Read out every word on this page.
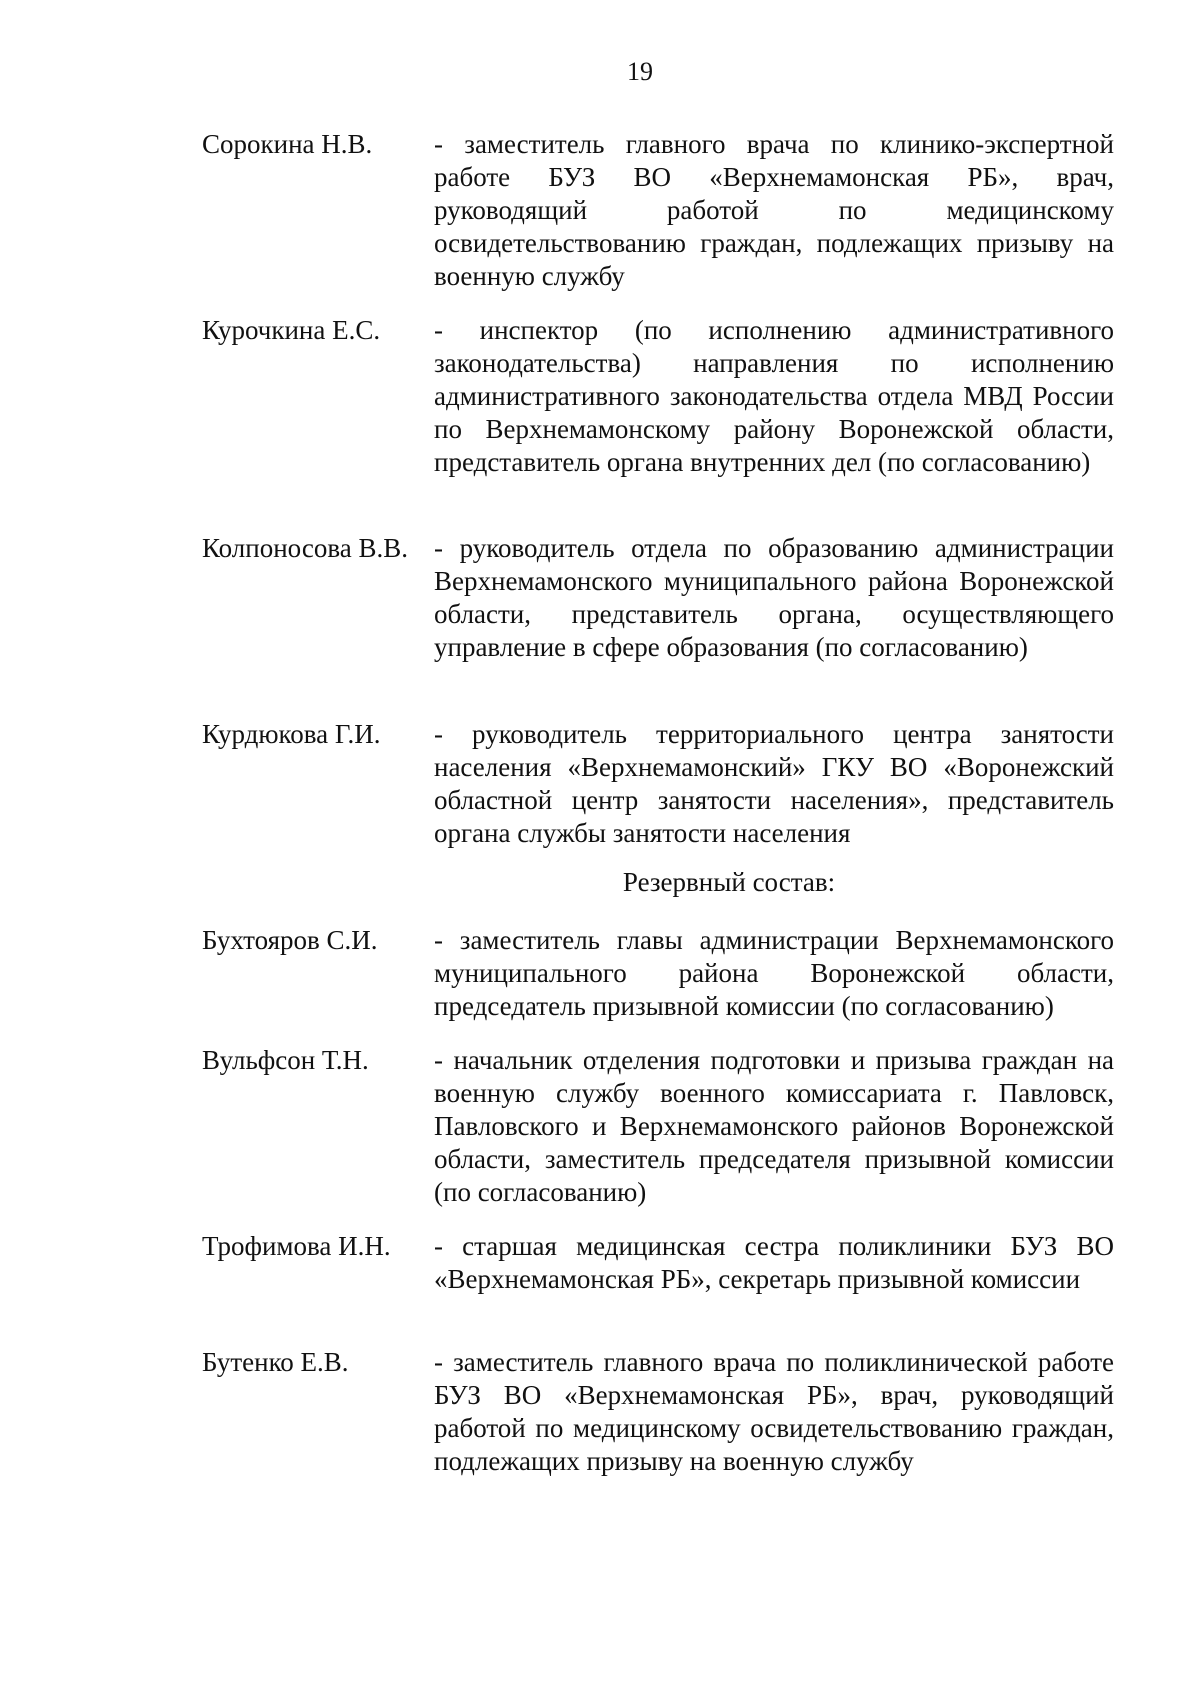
19
Сорокина Н.В. - заместитель главного врача по клинико-экспертной работе БУЗ ВО «Верхнемамонская РБ», врач, руководящий работой по медицинскому освидетельствованию граждан, подлежащих призыву на военную службу
Курочкина Е.С. - инспектор (по исполнению административного законодательства) направления по исполнению административного законодательства отдела МВД России по Верхнемамонскому району Воронежской области, представитель органа внутренних дел (по согласованию)
Колпоносова В.В. - руководитель отдела по образованию администрации Верхнемамонского муниципального района Воронежской области, представитель органа, осуществляющего управление в сфере образования (по согласованию)
Курдюкова Г.И. - руководитель территориального центра занятости населения «Верхнемамонский» ГКУ ВО «Воронежский областной центр занятости населения», представитель органа службы занятости населения
Резервный состав:
Бухтояров С.И. - заместитель главы администрации Верхнемамонского муниципального района Воронежской области, председатель призывной комиссии (по согласованию)
Вульфсон Т.Н. - начальник отделения подготовки и призыва граждан на военную службу военного комиссариата г. Павловск, Павловского и Верхнемамонского районов Воронежской области, заместитель председателя призывной комиссии (по согласованию)
Трофимова И.Н. - старшая медицинская сестра поликлиники БУЗ ВО «Верхнемамонская РБ», секретарь призывной комиссии
Бутенко Е.В.	- заместитель главного врача по поликлинической работе БУЗ ВО «Верхнемамонская РБ», врач, руководящий работой по медицинскому освидетельствованию граждан, подлежащих призыву на военную службу
